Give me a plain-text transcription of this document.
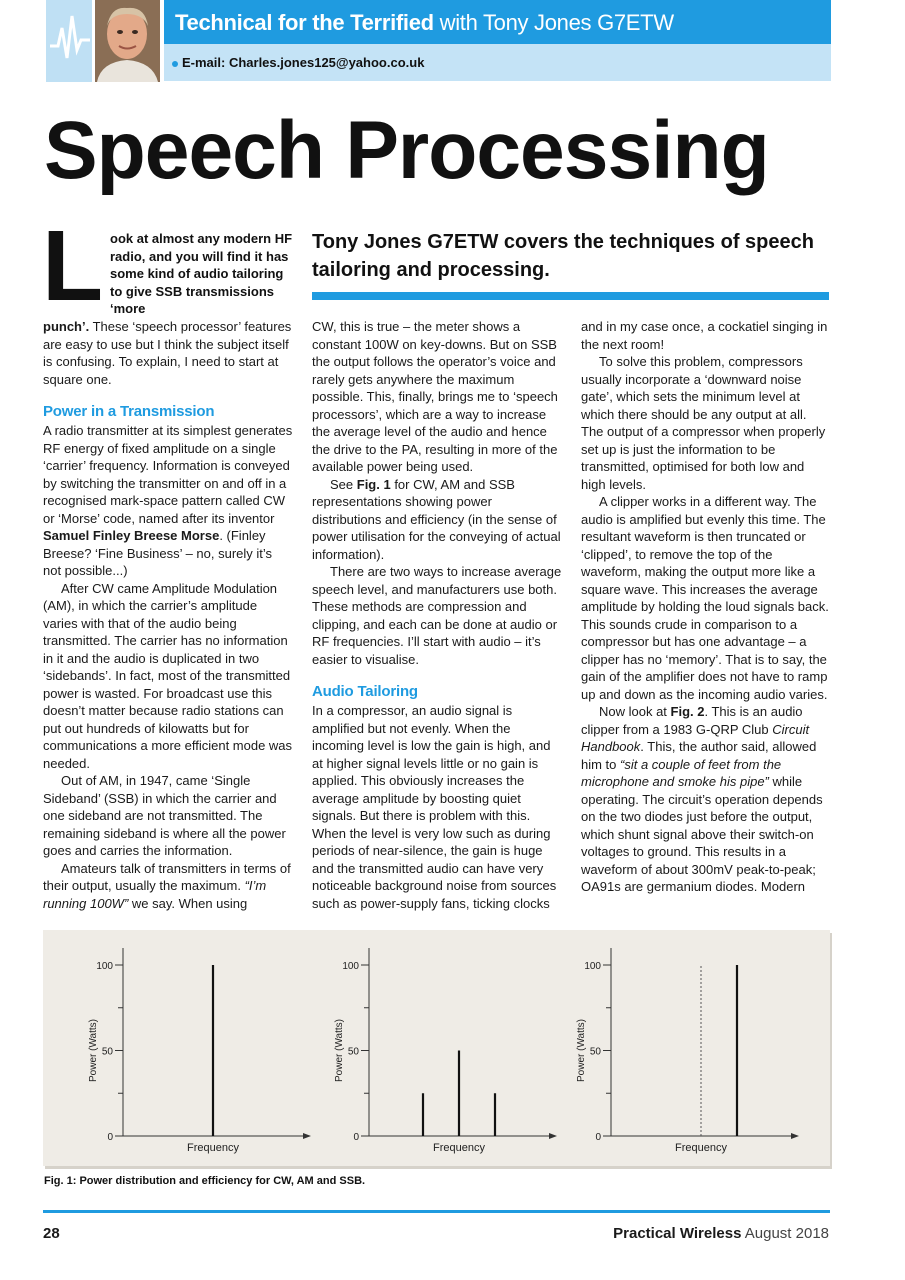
Technical for the Terrified with Tony Jones G7ETW
E-mail: Charles.jones125@yahoo.co.uk
Speech Processing
Tony Jones G7ETW covers the techniques of speech tailoring and processing.
L ook at almost any modern HF radio, and you will find it has some kind of audio tailoring to give SSB transmissions ‘more

punch’. These ‘speech processor’ features are easy to use but I think the subject itself is confusing. To explain, I need to start at square one.

Power in a Transmission

A radio transmitter at its simplest generates RF energy of fixed amplitude on a single ‘carrier’ frequency. Information is conveyed by switching the transmitter on and off in a recognised mark-space pattern called CW or ‘Morse’ code, named after its inventor Samuel Finley Breese Morse. (Finley Breese? ‘Fine Business’ – no, surely it’s not possible...)

After CW came Amplitude Modulation (AM), in which the carrier’s amplitude varies with that of the audio being transmitted. The carrier has no information in it and the audio is duplicated in two ‘sidebands’. In fact, most of the transmitted power is wasted. For broadcast use this doesn’t matter because radio stations can put out hundreds of kilowatts but for communications a more efficient mode was needed.

Out of AM, in 1947, came ‘Single Sideband’ (SSB) in which the carrier and one sideband are not transmitted. The remaining sideband is where all the power goes and carries the information.

Amateurs talk of transmitters in terms of their output, usually the maximum. “I’m running 100W” we say. When using

CW, this is true – the meter shows a constant 100W on key-downs. But on SSB the output follows the operator’s voice and rarely gets anywhere the maximum possible. This, finally, brings me to ‘speech processors’, which are a way to increase the average level of the audio and hence the drive to the PA, resulting in more of the available power being used.

See Fig. 1 for CW, AM and SSB representations showing power distributions and efficiency (in the sense of power utilisation for the conveying of actual information).

There are two ways to increase average speech level, and manufacturers use both. These methods are compression and clipping, and each can be done at audio or RF frequencies. I’ll start with audio – it’s easier to visualise.

Audio Tailoring

In a compressor, an audio signal is amplified but not evenly. When the incoming level is low the gain is high, and at higher signal levels little or no gain is applied. This obviously increases the average amplitude by boosting quiet signals. But there is problem with this. When the level is very low such as during periods of near-silence, the gain is huge and the transmitted audio can have very noticeable background noise from sources such as power-supply fans, ticking clocks

and in my case once, a cockatiel singing in the next room!

To solve this problem, compressors usually incorporate a ‘downward noise gate’, which sets the minimum level at which there should be any output at all. The output of a compressor when properly set up is just the information to be transmitted, optimised for both low and high levels.

A clipper works in a different way. The audio is amplified but evenly this time. The resultant waveform is then truncated or ‘clipped’, to remove the top of the waveform, making the output more like a square wave. This increases the average amplitude by holding the loud signals back. This sounds crude in comparison to a compressor but has one advantage – a clipper has no ‘memory’. That is to say, the gain of the amplifier does not have to ramp up and down as the incoming audio varies.

Now look at Fig. 2. This is an audio clipper from a 1983 G-QRP Club Circuit Handbook. This, the author said, allowed him to “sit a couple of feet from the microphone and smoke his pipe” while operating. The circuit’s operation depends on the two diodes just before the output, which shunt signal above their switch-on voltages to ground. This results in a waveform of about 300mV peak-to-peak; OA91s are germanium diodes. Modern

0
50
100
Power (Watts)
Frequency
0
50
100
Power (Watts)
Frequency
0
50
100
Power (Watts)
Frequency
Fig. 1: Power distribution and efficiency for CW, AM and SSB.
28	Practical Wireless August 2018
